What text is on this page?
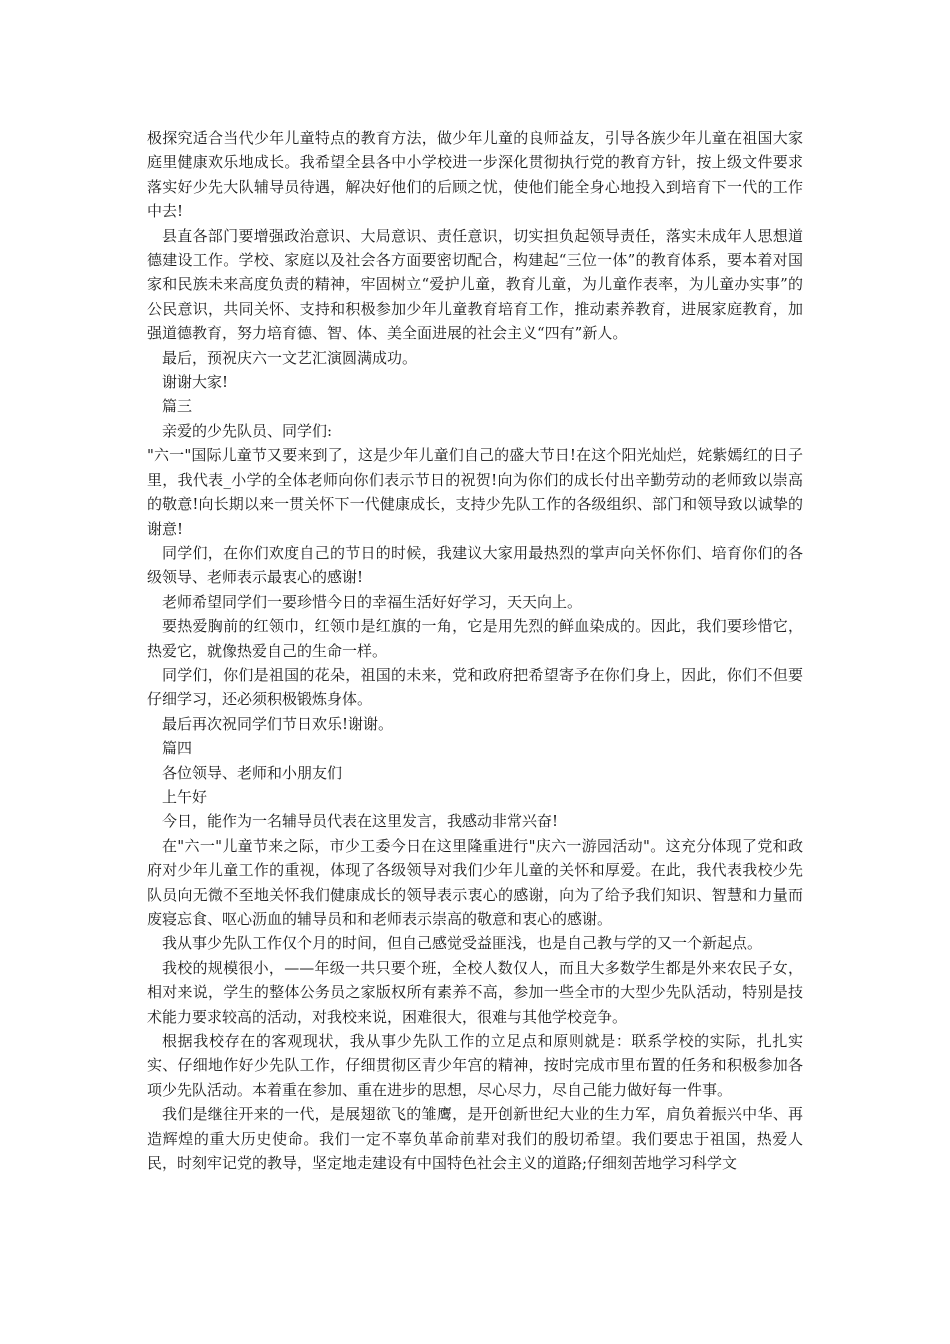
极探究适合当代少年儿童特点的教育方法，做少年儿童的良师益友，引导各族少年儿童在祖国大家庭里健康欢乐地成长。我希望全县各中小学校进一步深化贯彻执行党的教育方针，按上级文件要求落实好少先大队辅导员待遇，解决好他们的后顾之忧，使他们能全身心地投入到培育下一代的工作中去!

县直各部门要增强政治意识、大局意识、责任意识，切实担负起领导责任，落实未成年人思想道德建设工作。学校、家庭以及社会各方面要密切配合，构建起“三位一体”的教育体系，要本着对国家和民族未来高度负责的精神，牢固树立“爱护儿童，教育儿童，为儿童作表率，为儿童办实事”的公民意识，共同关怀、支持和积极参加少年儿童教育培育工作，推动素养教育，进展家庭教育，加强道德教育，努力培育德、智、体、美全面进展的社会主义“四有”新人。

最后，预祝庆六一文艺汇演圆满成功。

谢谢大家!

篇三

亲爱的少先队员、同学们:

"六一"国际儿童节又要来到了，这是少年儿童们自己的盛大节日!在这个阳光灿烂，姹紫嫣红的日子里，我代表_小学的全体老师向你们表示节日的祝贺!向为你们的成长付出辛勤劳动的老师致以崇高的敬意!向长期以来一贯关怀下一代健康成长，支持少先队工作的各级组织、部门和领导致以诚挚的谢意!

同学们，在你们欢度自己的节日的时候，我建议大家用最热烈的掌声向关怀你们、培育你们的各级领导、老师表示最衷心的感谢!

老师希望同学们一要珍惜今日的幸福生活好好学习，天天向上。

要热爱胸前的红领巾，红领巾是红旗的一角，它是用先烈的鲜血染成的。因此，我们要珍惜它，热爱它，就像热爱自己的生命一样。

同学们，你们是祖国的花朵，祖国的未来，党和政府把希望寄予在你们身上，因此，你们不但要仔细学习，还必须积极锻炼身体。

最后再次祝同学们节日欢乐!谢谢。

篇四

各位领导、老师和小朋友们

上午好

今日，能作为一名辅导员代表在这里发言，我感动非常兴奋!

在"六一"儿童节来之际，市少工委今日在这里隆重进行"庆六一游园活动"。这充分体现了党和政府对少年儿童工作的重视，体现了各级领导对我们少年儿童的关怀和厚爱。在此，我代表我校少先队员向无微不至地关怀我们健康成长的领导表示衷心的感谢，向为了给予我们知识、智慧和力量而废寝忘食、呕心沥血的辅导员和和老师表示崇高的敬意和衷心的感谢。

我从事少先队工作仅个月的时间，但自己感觉受益匪浅，也是自己教与学的又一个新起点。

我校的规模很小，——年级一共只要个班，全校人数仅人，而且大多数学生都是外来农民子女，相对来说，学生的整体公务员之家版权所有素养不高，参加一些全市的大型少先队活动，特别是技术能力要求较高的活动，对我校来说，困难很大，很难与其他学校竞争。

根据我校存在的客观现状，我从事少先队工作的立足点和原则就是：联系学校的实际，扎扎实实、仔细地作好少先队工作，仔细贯彻区青少年宫的精神，按时完成市里布置的任务和积极参加各项少先队活动。本着重在参加、重在进步的思想，尽心尽力，尽自己能力做好每一件事。

我们是继往开来的一代，是展翅欲飞的雏鹰，是开创新世纪大业的生力军，肩负着振兴中华、再造辉煌的重大历史使命。我们一定不辜负革命前辈对我们的殷切希望。我们要忠于祖国，热爱人民，时刻牢记党的教导，坚定地走建设有中国特色社会主义的道路;仔细刻苦地学习科学文
